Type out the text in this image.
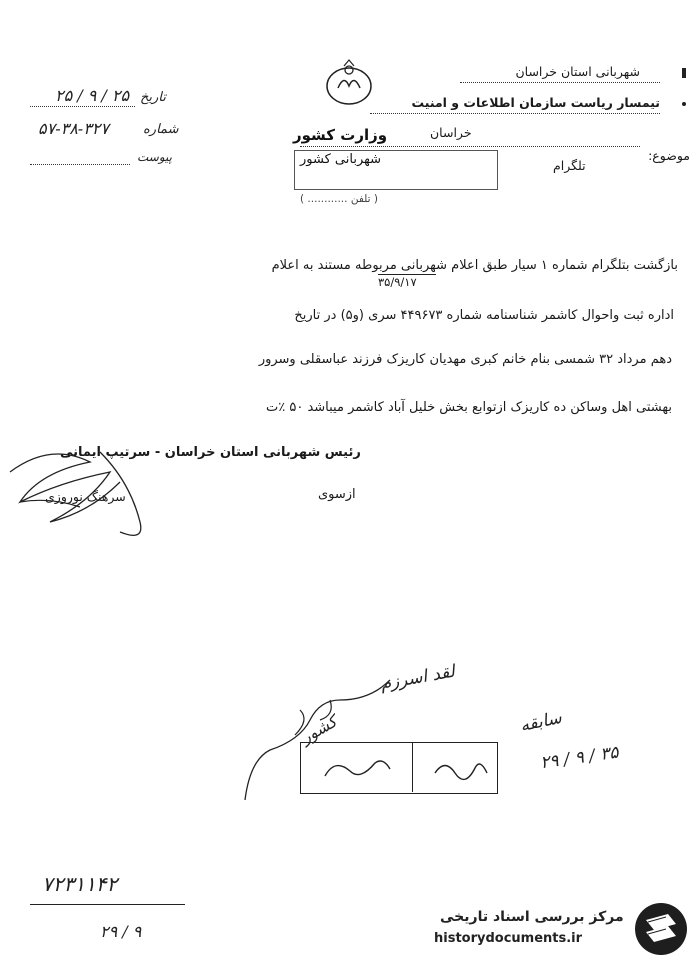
شهربانی استان خراسان
تیمسار ریاست سازمان اطلاعات و امنیت
خراسان
وزارت کشور
موضوع:
تلگرام
شهربانی کشور
( تلفن ............ )
تاریخ
۲۵ / ۹ / ۲۵
شماره
۵۷-۳۸-۳۲۷
پیوست
بازگشت بتلگرام شماره ۱ سیار طبق اعلام شهربانی مربوطه مستند به اعلام
۳۵/۹/۱۷
اداره ثبت واحوال کاشمر شناسنامه شماره ۴۴۹۶۷۳ سری (و۵) در تاریخ
دهم مرداد ۳۲ شمسی بنام خانم کبری مهدیان کاریزک فرزند عباسقلی وسرور
بهشتی اهل وساکن ده کاریزک ازتوابع بخش خلیل آباد کاشمر میباشد ۵۰ ٪ت
رئیس شهربانی استان خراسان - سرتیپ ایمانی
ازسوی
سرهنگ نوروزی
لقد اسرزم
کشور	سابقه
۲۹ / ۹ / ۳۵
۷۲۳۱۱۴۲
۲۹ / ۹
مرکز بررسی اسناد تاریخی
historydocuments.ir
